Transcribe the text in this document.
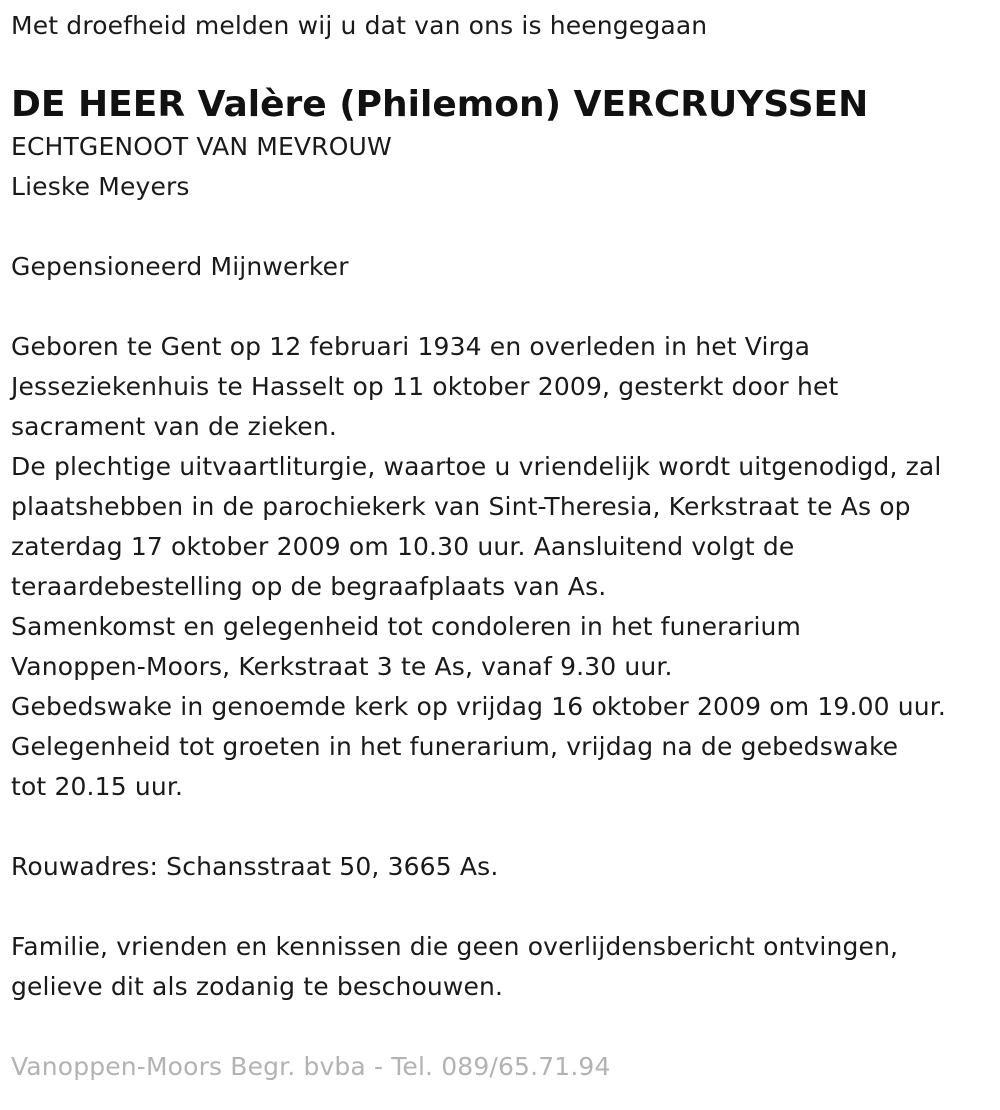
Met droefheid melden wij u dat van ons is heengegaan
DE HEER Valère (Philemon) VERCRUYSSEN
ECHTGENOOT VAN MEVROUW
Lieske Meyers
Gepensioneerd Mijnwerker
Geboren te Gent op 12 februari 1934 en overleden in het Virga
Jesseziekenhuis te Hasselt op 11 oktober 2009, gesterkt door het
sacrament van de zieken.
De plechtige uitvaartliturgie, waartoe u vriendelijk wordt uitgenodigd, zal
plaatshebben in de parochiekerk van Sint-Theresia, Kerkstraat te As op
zaterdag 17 oktober 2009 om 10.30 uur. Aansluitend volgt de
teraardebestelling op de begraafplaats van As.
Samenkomst en gelegenheid tot condoleren in het funerarium
Vanoppen-Moors, Kerkstraat 3 te As, vanaf 9.30 uur.
Gebedswake in genoemde kerk op vrijdag 16 oktober 2009 om 19.00 uur.
Gelegenheid tot groeten in het funerarium, vrijdag na de gebedswake
tot 20.15 uur.
Rouwadres: Schansstraat 50, 3665 As.
Familie, vrienden en kennissen die geen overlijdensbericht ontvingen,
gelieve dit als zodanig te beschouwen.
Vanoppen-Moors Begr. bvba - Tel. 089/65.71.94
